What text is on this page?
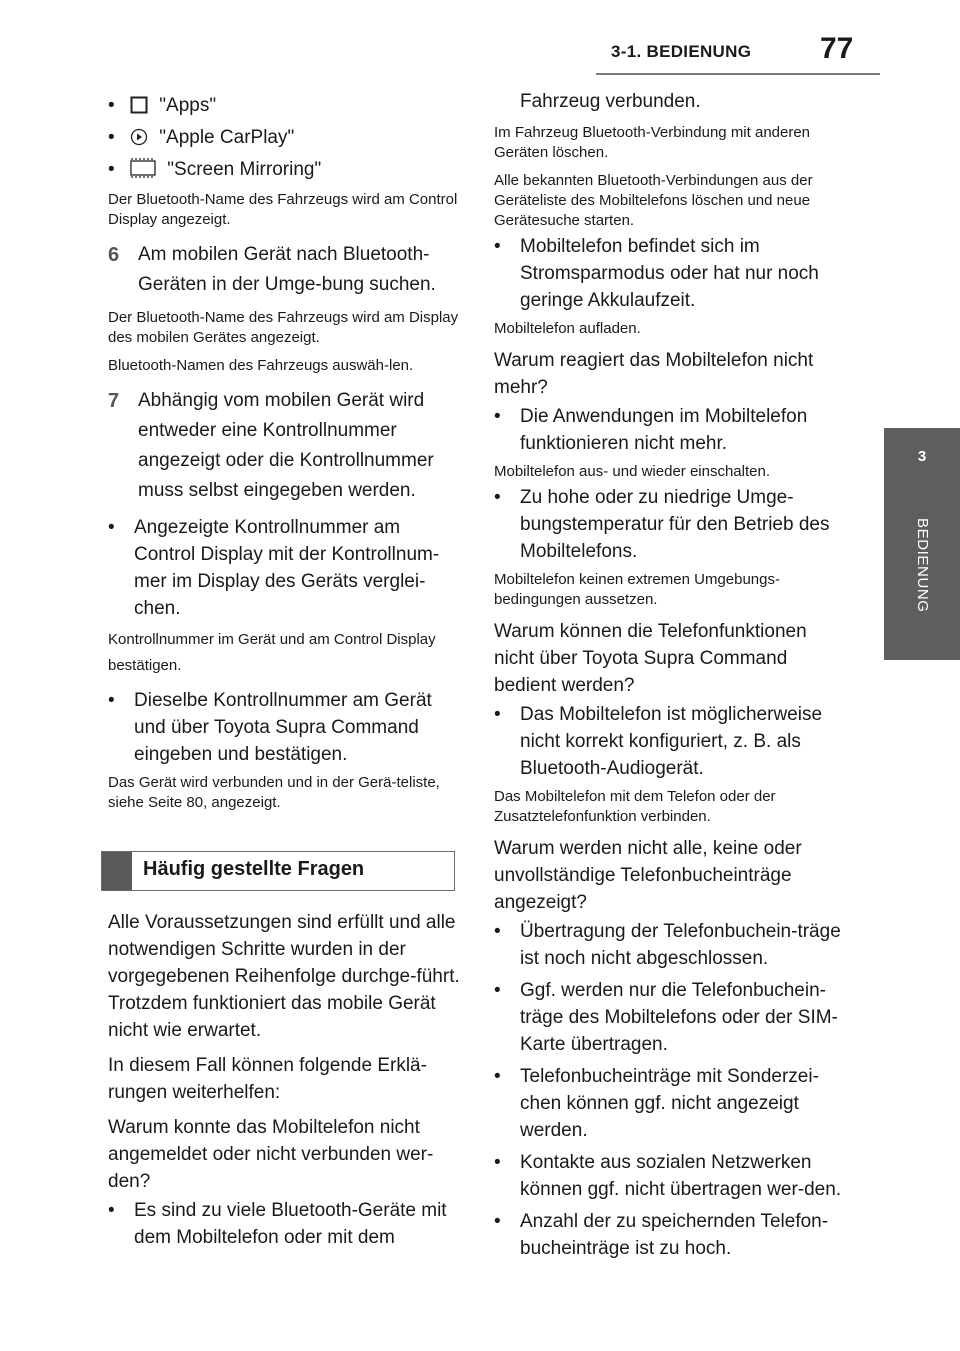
3-1. BEDIENUNG 77
3
BEDIENUNG
• "Apps"
• "Apple CarPlay"
•	"Screen Mirroring"
Der Bluetooth-Name des Fahrzeugs wird am Control Display angezeigt.
6 Am mobilen Gerät nach Bluetooth-Geräten in der Umge-bung suchen.
Der Bluetooth-Name des Fahrzeugs wird am Display des mobilen Gerätes angezeigt.
Bluetooth-Namen des Fahrzeugs auswäh-len.
7 Abhängig vom mobilen Gerät wird entweder eine Kontrollnummer angezeigt oder die Kontrollnummer muss selbst eingegeben werden.
• Angezeigte Kontrollnummer am Control Display mit der Kontrollnum-mer im Display des Geräts verglei-chen.
Kontrollnummer im Gerät und am Control Display bestätigen.
• Dieselbe Kontrollnummer am Gerät und über Toyota Supra Command eingeben und bestätigen.
Das Gerät wird verbunden und in der Gerä-teliste, siehe Seite 80, angezeigt.
Häufig gestellte Fragen
Alle Voraussetzungen sind erfüllt und alle notwendigen Schritte wurden in der vorgegebenen Reihenfolge durchge-führt. Trotzdem funktioniert das mobile Gerät nicht wie erwartet.
In diesem Fall können folgende Erklä-rungen weiterhelfen:
Warum konnte das Mobiltelefon nicht angemeldet oder nicht verbunden wer-den?
• Es sind zu viele Bluetooth-Geräte mit dem Mobiltelefon oder mit dem
Fahrzeug verbunden.
Im Fahrzeug Bluetooth-Verbindung mit anderen Geräten löschen.
Alle bekannten Bluetooth-Verbindungen aus der Geräteliste des Mobiltelefons löschen und neue Gerätesuche starten.
• Mobiltelefon befindet sich im Stromsparmodus oder hat nur noch geringe Akkulaufzeit.
Mobiltelefon aufladen.
Warum reagiert das Mobiltelefon nicht mehr?
• Die Anwendungen im Mobiltelefon funktionieren nicht mehr.
Mobiltelefon aus- und wieder einschalten.
• Zu hohe oder zu niedrige Umge-bungstemperatur für den Betrieb des Mobiltelefons.
Mobiltelefon keinen extremen Umgebungs-bedingungen aussetzen.
Warum können die Telefonfunktionen nicht über Toyota Supra Command bedient werden?
• Das Mobiltelefon ist möglicherweise nicht korrekt konfiguriert, z. B. als Bluetooth-Audiogerät.
Das Mobiltelefon mit dem Telefon oder der Zusatztelefonfunktion verbinden.
Warum werden nicht alle, keine oder unvollständige Telefonbucheinträge angezeigt?
• Übertragung der Telefonbuchein-träge ist noch nicht abgeschlossen.
• Ggf. werden nur die Telefonbuchein-träge des Mobiltelefons oder der SIM-Karte übertragen.
• Telefonbucheinträge mit Sonderzei-chen können ggf. nicht angezeigt werden.
• Kontakte aus sozialen Netzwerken können ggf. nicht übertragen wer-den.
• Anzahl der zu speichernden Telefon-bucheinträge ist zu hoch.
